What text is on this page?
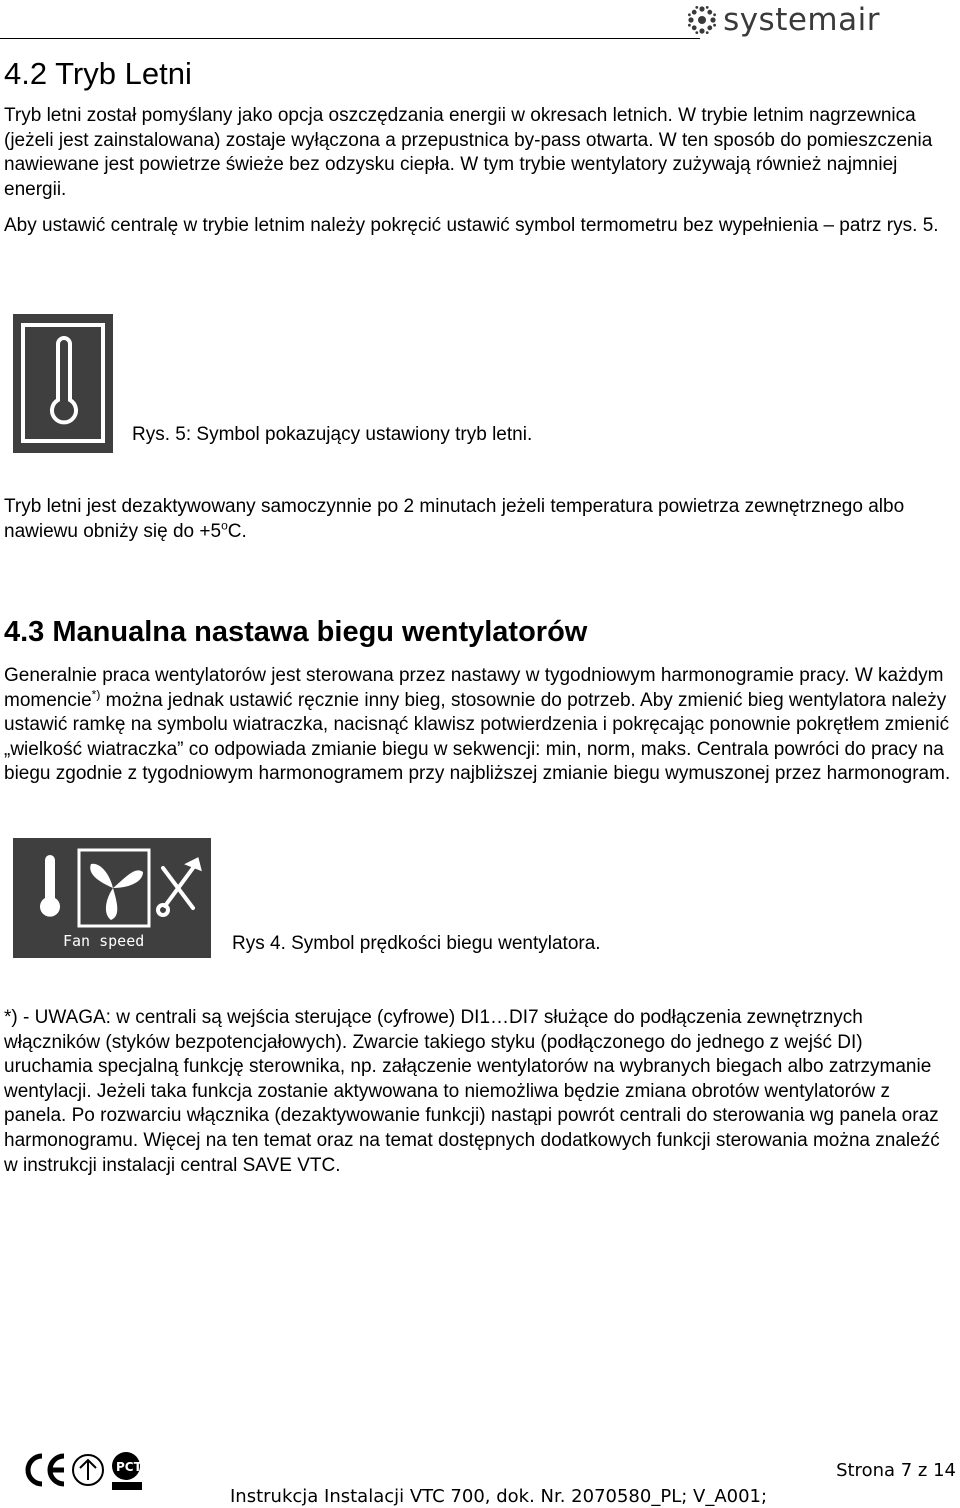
systemair
4.2 Tryb Letni

Tryb letni został pomyślany jako opcja oszczędzania energii w okresach letnich. W trybie letnim nagrzewnica (jeżeli jest zainstalowana) zostaje wyłączona a przepustnica by-pass otwarta. W ten sposób do pomieszczenia nawiewane jest powietrze świeże bez odzysku ciepła. W tym trybie wentylatory zużywają również najmniej energii.

Aby ustawić centralę w trybie letnim należy pokręcić ustawić symbol termometru bez wypełnienia – patrz rys. 5.

Rys. 5: Symbol pokazujący ustawiony tryb letni.

Tryb letni jest dezaktywowany samoczynnie po 2 minutach jeżeli temperatura powietrza zewnętrznego albo nawiewu obniży się do $+5^oC$.

4.3 Manualna nastawa biegu wentylatorów

Generalnie praca wentylatorów jest sterowana przez nastawy w tygodniowym harmonogramie pracy. W każdym momencie*) można jednak ustawić ręcznie inny bieg, stosownie do potrzeb. Aby zmienić bieg wentylatora należy ustawić ramkę na symbolu wiatraczka, nacisnąć klawisz potwierdzenia i pokręcając ponownie pokrętłem zmienić „wielkość wiatraczka” co odpowiada zmianie biegu w sekwencji: min, norm, maks. Centrala powróci do pracy na biegu zgodnie z tygodniowym harmonogramem przy najbliższej zmianie biegu wymuszonej przez harmonogram.

Fan speed	Rys 4. Symbol prędkości biegu wentylatora.

*) - UWAGA: w centrali są wejścia sterujące (cyfrowe) DI1…DI7 służące do podłączenia zewnętrznych włączników (styków bezpotencjałowych). Zwarcie takiego styku (podłączonego do jednego z wejść DI) uruchamia specjalną funkcję sterownika, np. załączenie wentylatorów na wybranych biegach albo zatrzymanie wentylacji. Jeżeli taka funkcja zostanie aktywowana to niemożliwa będzie zmiana obrotów wentylatorów z panela. Po rozwarciu włącznika (dezaktywowanie funkcji) nastąpi powrót centrali do sterowania wg panela oraz harmonogramu. Więcej na ten temat oraz na temat dostępnych dodatkowych funkcji sterowania można znaleźć w instrukcji instalacji central SAVE VTC.

PCT	Strona 7 z 14
Instrukcja Instalacji VTC 700, dok. Nr. 2070580_PL; V_A001;
